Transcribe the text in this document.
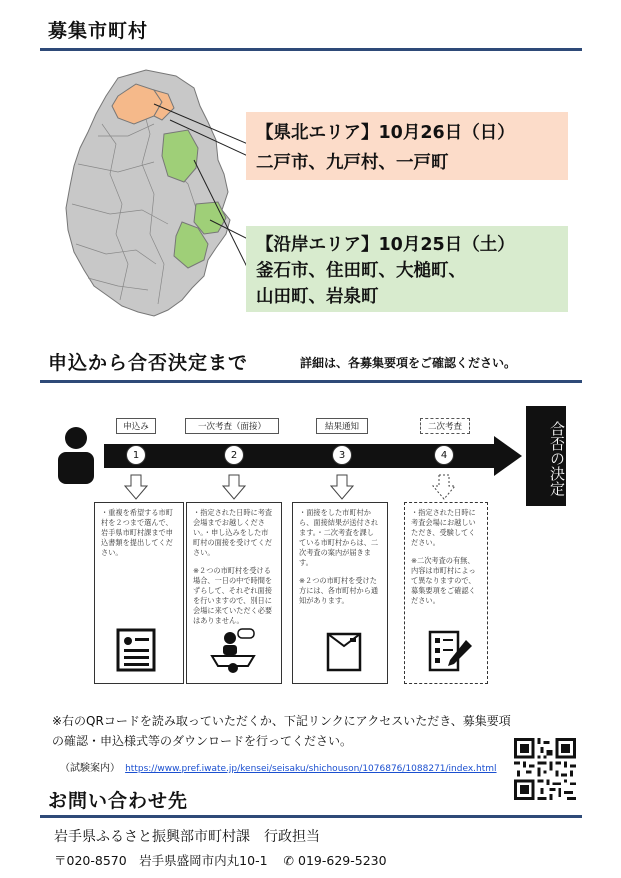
募集市町村
【県北エリア】10月26日（日）
二戸市、九戸村、一戸町
【沿岸エリア】10月25日（土）
釜石市、住田町、大槌町、
山田町、岩泉町
申込から合否決定まで	詳細は、各募集要項をご確認ください。
合否の決定
申込み	一次考査（面接）	結果通知	二次考査
1	2	3	4

・重複を希望する市町村を２つまで選んで、岩手県市町村課まで申込書類を提出してください。

・指定された日時に考査会場までお越しください。・申し込みをした市町村の面接を受けてください。

※２つの市町村を受ける場合、一日の中で時間をずらして、それぞれ面接を行いますので、別日に会場に来ていただく必要はありません。

・面接をした市町村から、面接結果が送付されます。・二次考査を課している市町村からは、二次考査の案内が届きます。

※２つの市町村を受けた方には、各市町村から通知があります。

・指定された日時に考査会場にお越しいただき、受験してください。

※二次考査の有無、内容は市町村によって異なりますので、募集要項をご確認ください。

※右のQRコードを読み取っていただくか、下記リンクにアクセスいただき、募集要項
の確認・申込様式等のダウンロードを行ってください。
（試験案内） https://www.pref.iwate.jp/kensei/seisaku/shichouson/1076876/1088271/index.html
お問い合わせ先
岩手県ふるさと振興部市町村課　行政担当
〒020-8570　岩手県盛岡市内丸10-1 ✆ 019-629-5230
